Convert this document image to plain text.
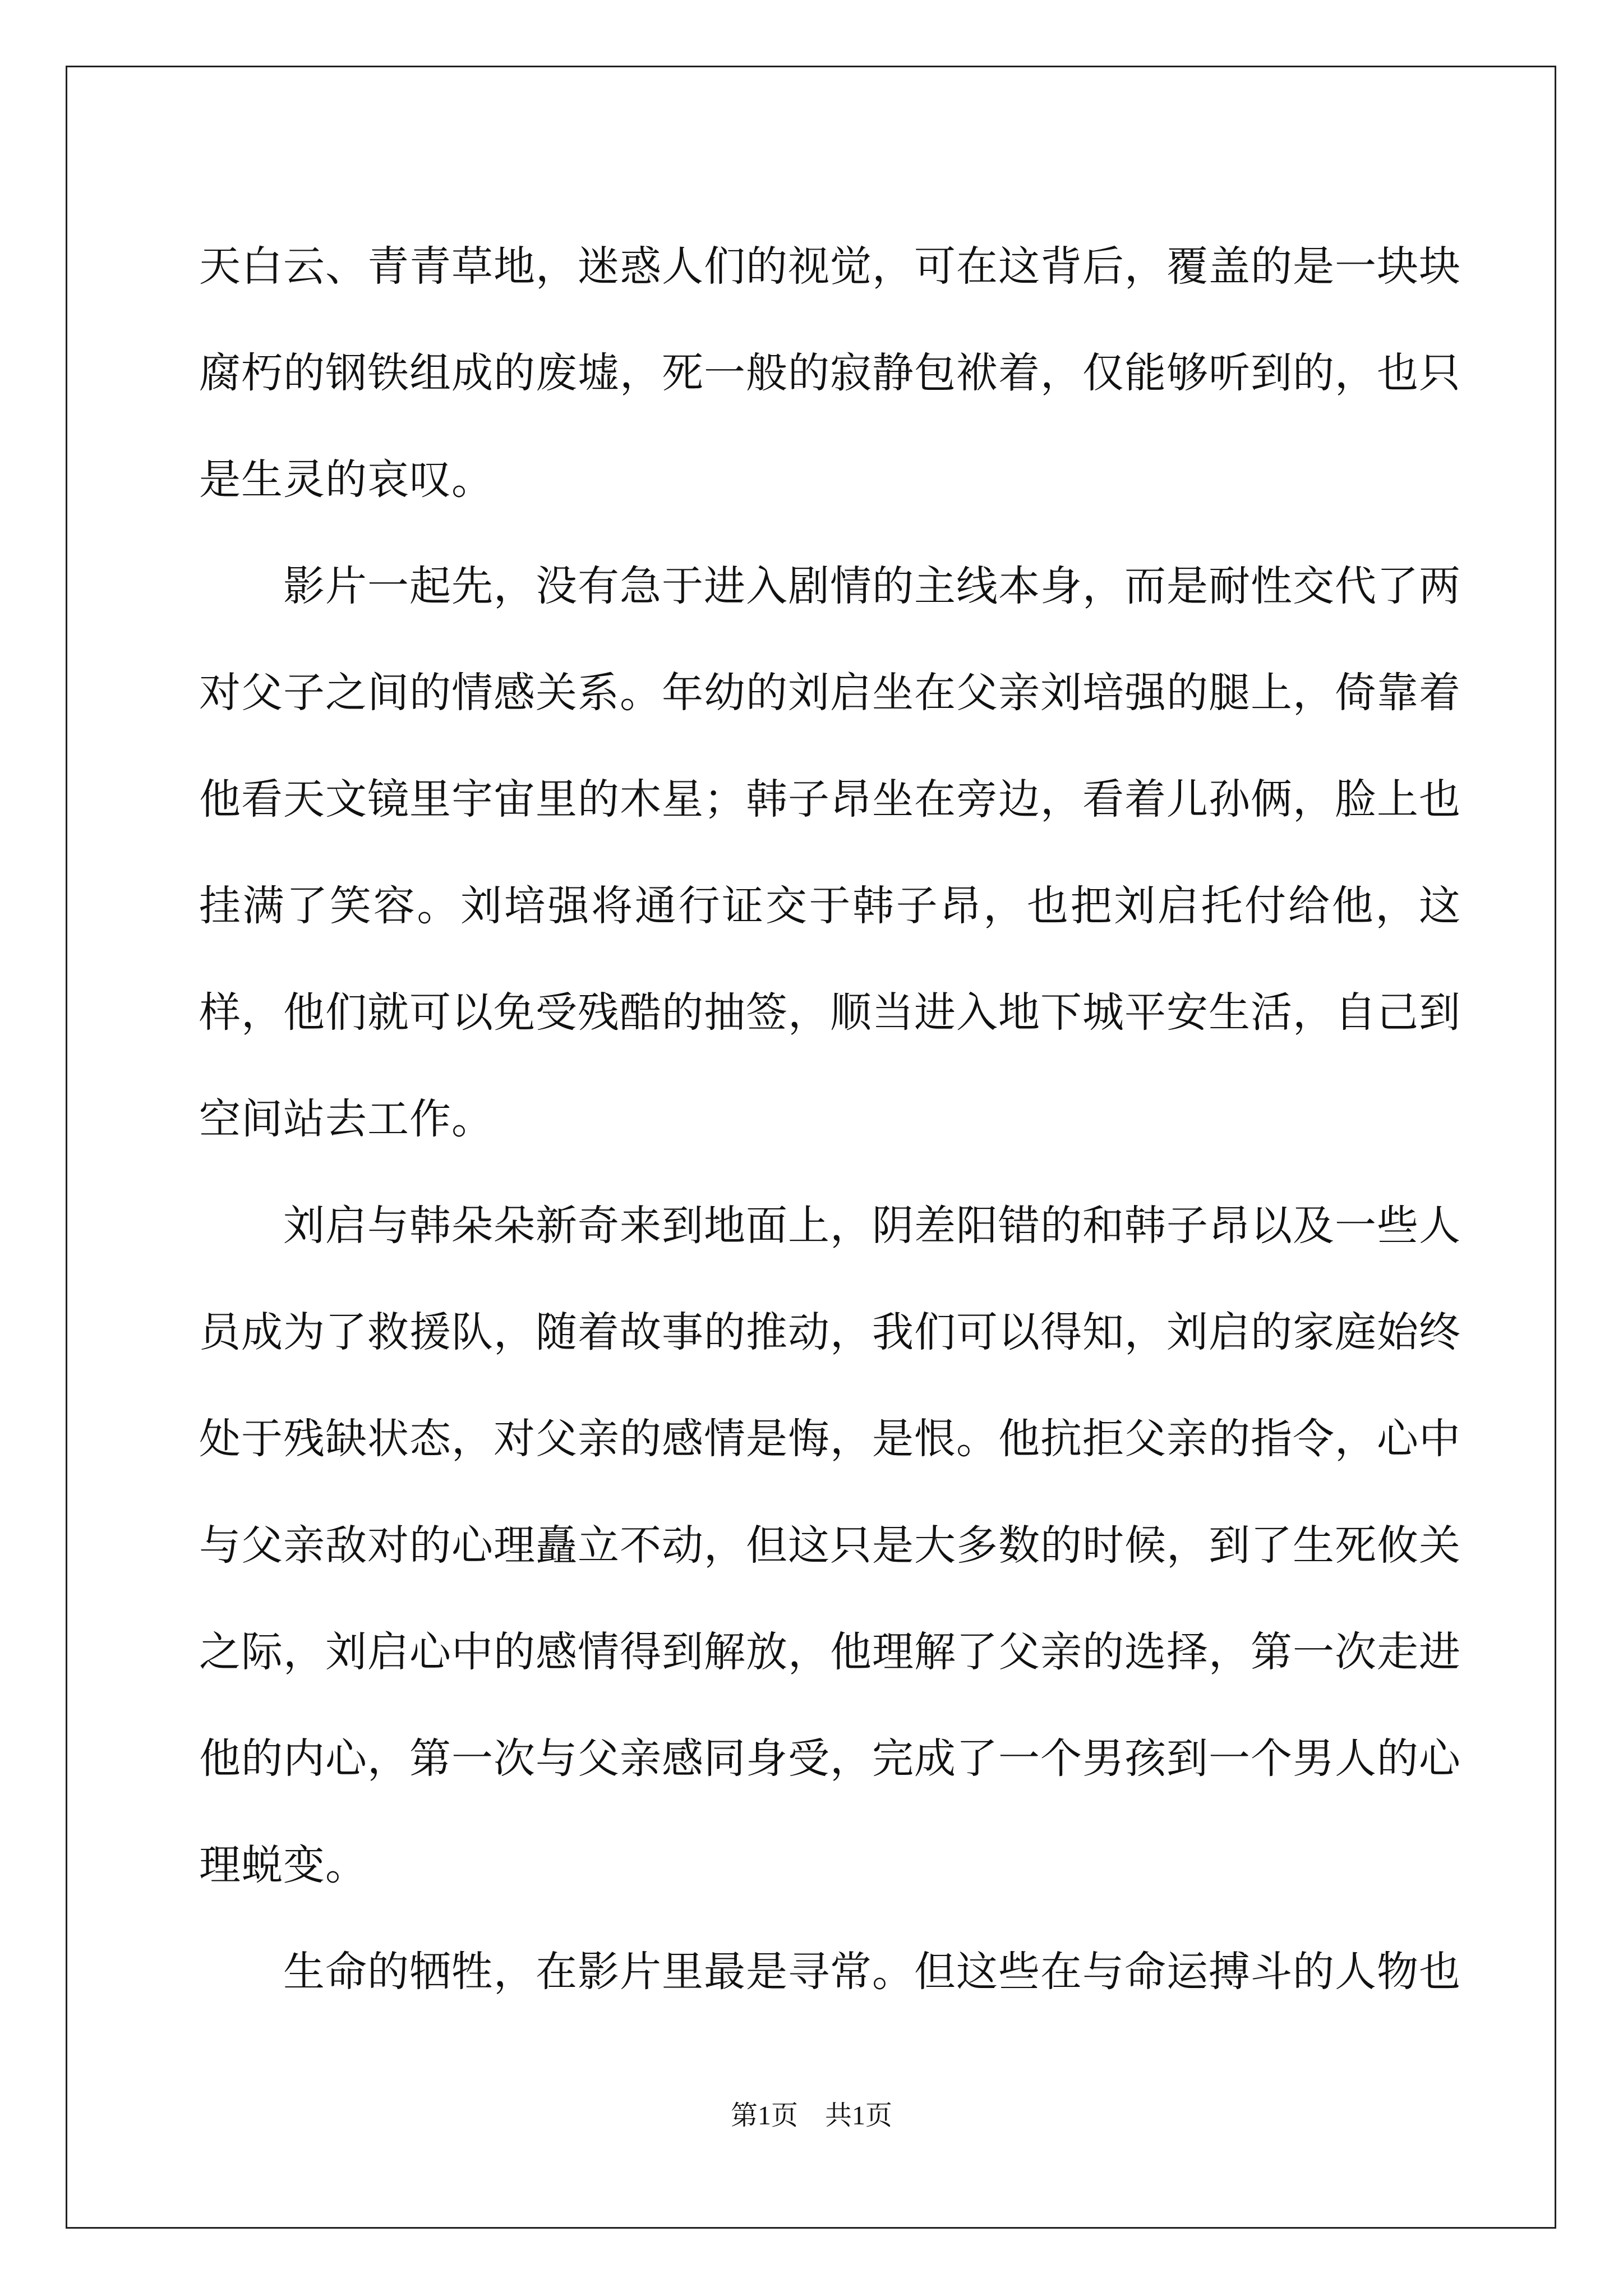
天白云、青青草地，迷惑人们的视觉，可在这背后，覆盖的是一块块腐朽的钢铁组成的废墟，死一般的寂静包袱着，仅能够听到的，也只是生灵的哀叹。

影片一起先，没有急于进入剧情的主线本身，而是耐性交代了两对父子之间的情感关系。年幼的刘启坐在父亲刘培强的腿上，倚靠着他看天文镜里宇宙里的木星；韩子昂坐在旁边，看着儿孙俩，脸上也挂满了笑容。刘培强将通行证交于韩子昂，也把刘启托付给他，这样，他们就可以免受残酷的抽签，顺当进入地下城平安生活，自己到空间站去工作。

刘启与韩朵朵新奇来到地面上，阴差阳错的和韩子昂以及一些人员成为了救援队，随着故事的推动，我们可以得知，刘启的家庭始终处于残缺状态，对父亲的感情是悔，是恨。他抗拒父亲的指令，心中与父亲敌对的心理矗立不动，但这只是大多数的时候，到了生死攸关之际，刘启心中的感情得到解放，他理解了父亲的选择，第一次走进他的内心，第一次与父亲感同身受，完成了一个男孩到一个男人的心理蜕变。

生命的牺牲，在影片里最是寻常。但这些在与命运搏斗的人物也

第1页 共1页
